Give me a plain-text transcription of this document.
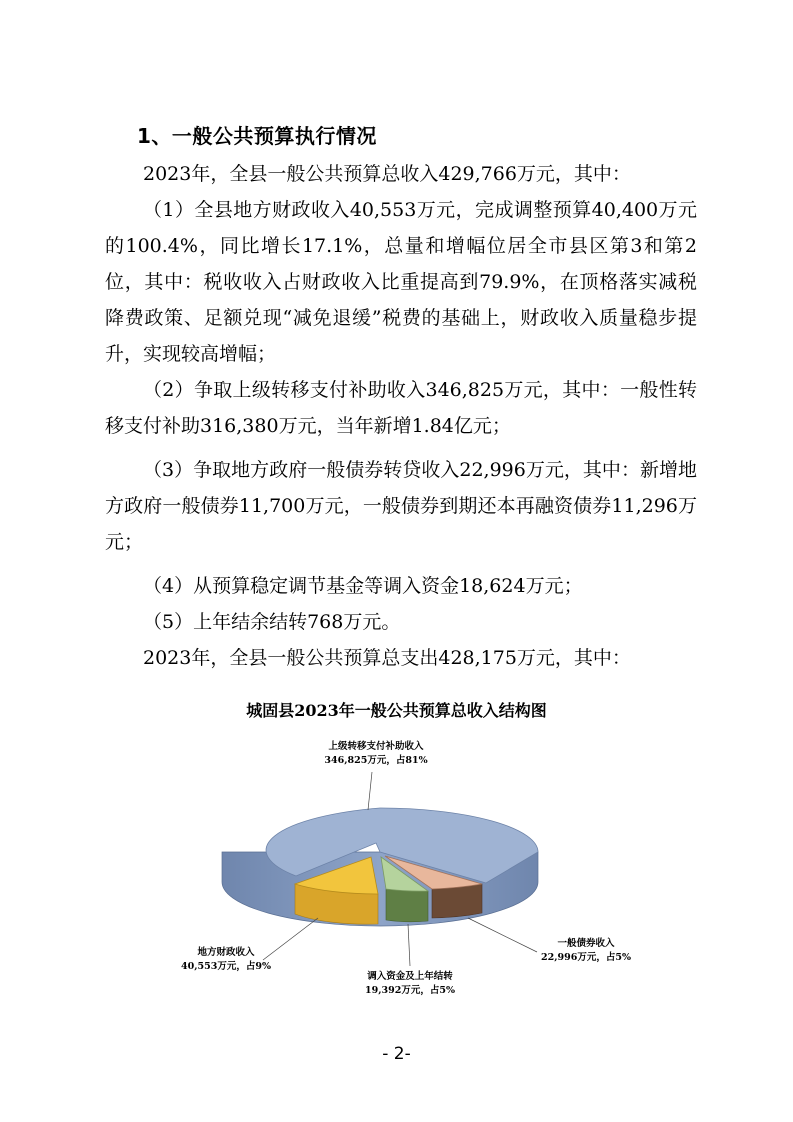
1、一般公共预算执行情况
2023年，全县一般公共预算总收入429,766万元，其中：
（1）全县地方财政收入40,553万元，完成调整预算40,400万元的100.4%，同比增长17.1%，总量和增幅位居全市县区第3和第2位，其中：税收收入占财政收入比重提高到79.9%，在顶格落实减税降费政策、足额兑现“减免退缓”税费的基础上，财政收入质量稳步提升，实现较高增幅；
（2）争取上级转移支付补助收入346,825万元，其中：一般性转移支付补助316,380万元，当年新增1.84亿元；
（3）争取地方政府一般债券转贷收入22,996万元，其中：新增地方政府一般债券11,700万元，一般债券到期还本再融资债券11,296万元；
（4）从预算稳定调节基金等调入资金18,624万元；
（5）上年结余结转768万元。
2023年，全县一般公共预算总支出428,175万元，其中：
城固县2023年一般公共预算总收入结构图
上级转移支付补助收入
346,825万元，占81%
一般债券收入
22,996万元，占5%
调入资金及上年结转
19,392万元，占5%
地方财政收入
40,553万元，占9%
- 2-
